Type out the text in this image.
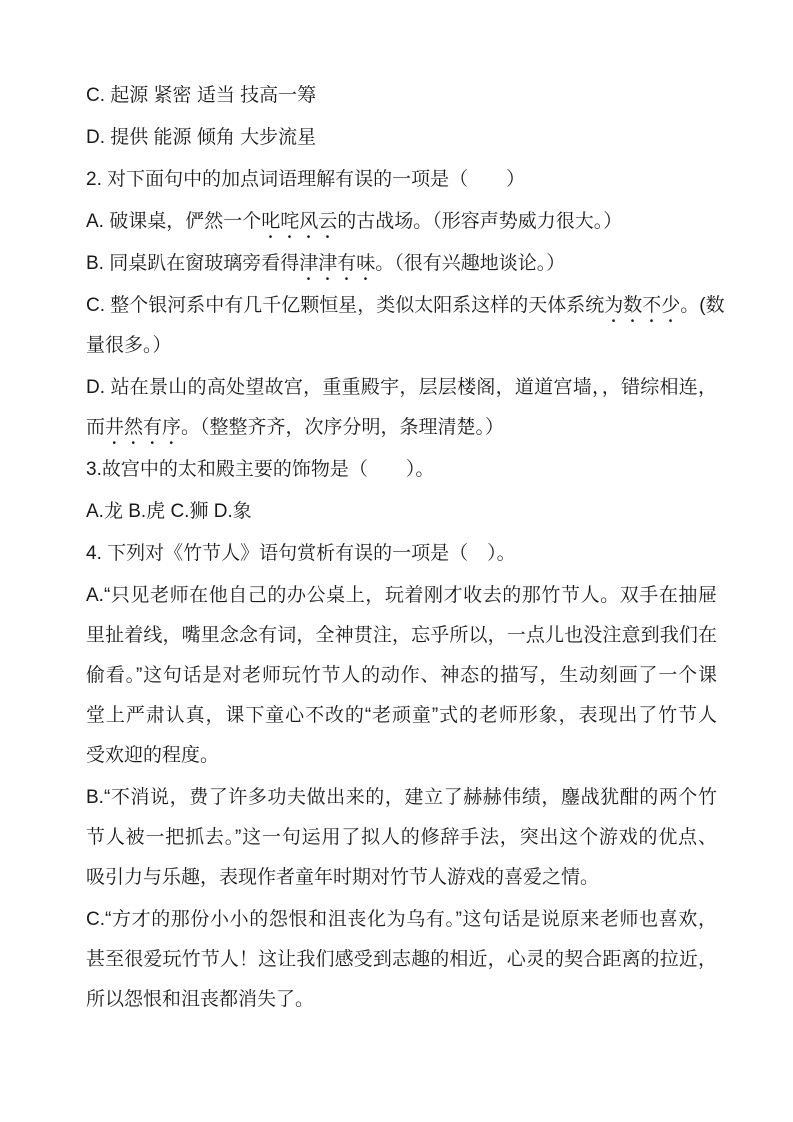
C. 起源 紧密 适当 技高一筹
D. 提供 能源 倾角 大步流星
2. 对下面句中的加点词语理解有误的一项是（　　）
A. 破课桌，俨然一个叱咤风云的古战场。（形容声势威力很大。）
B. 同桌趴在窗玻璃旁看得津津有味。（很有兴趣地谈论。）
C. 整个银河系中有几千亿颗恒星，类似太阳系这样的天体系统为数不少。(数
量很多。）
D. 站在景山的高处望故宫，重重殿宇，层层楼阁，道道宫墙，，错综相连，
而井然有序。（整整齐齐，次序分明，条理清楚。）
3.故宫中的太和殿主要的饰物是（　　）。
A.龙 B.虎 C.狮 D.象
4. 下列对《竹节人》语句赏析有误的一项是（　）。
A.“只见老师在他自己的办公桌上，玩着刚才收去的那竹节人。双手在抽屉
里扯着线，嘴里念念有词，全神贯注，忘乎所以，一点儿也没注意到我们在
偷看。”这句话是对老师玩竹节人的动作、神态的描写，生动刻画了一个课
堂上严肃认真，课下童心不改的“老顽童”式的老师形象，表现出了竹节人
受欢迎的程度。
B.“不消说，费了许多功夫做出来的，建立了赫赫伟绩，鏖战犹酣的两个竹
节人被一把抓去。”这一句运用了拟人的修辞手法，突出这个游戏的优点、
吸引力与乐趣，表现作者童年时期对竹节人游戏的喜爱之情。
C.“方才的那份小小的怨恨和沮丧化为乌有。”这句话是说原来老师也喜欢，
甚至很爱玩竹节人！这让我们感受到志趣的相近，心灵的契合距离的拉近，
所以怨恨和沮丧都消失了。
